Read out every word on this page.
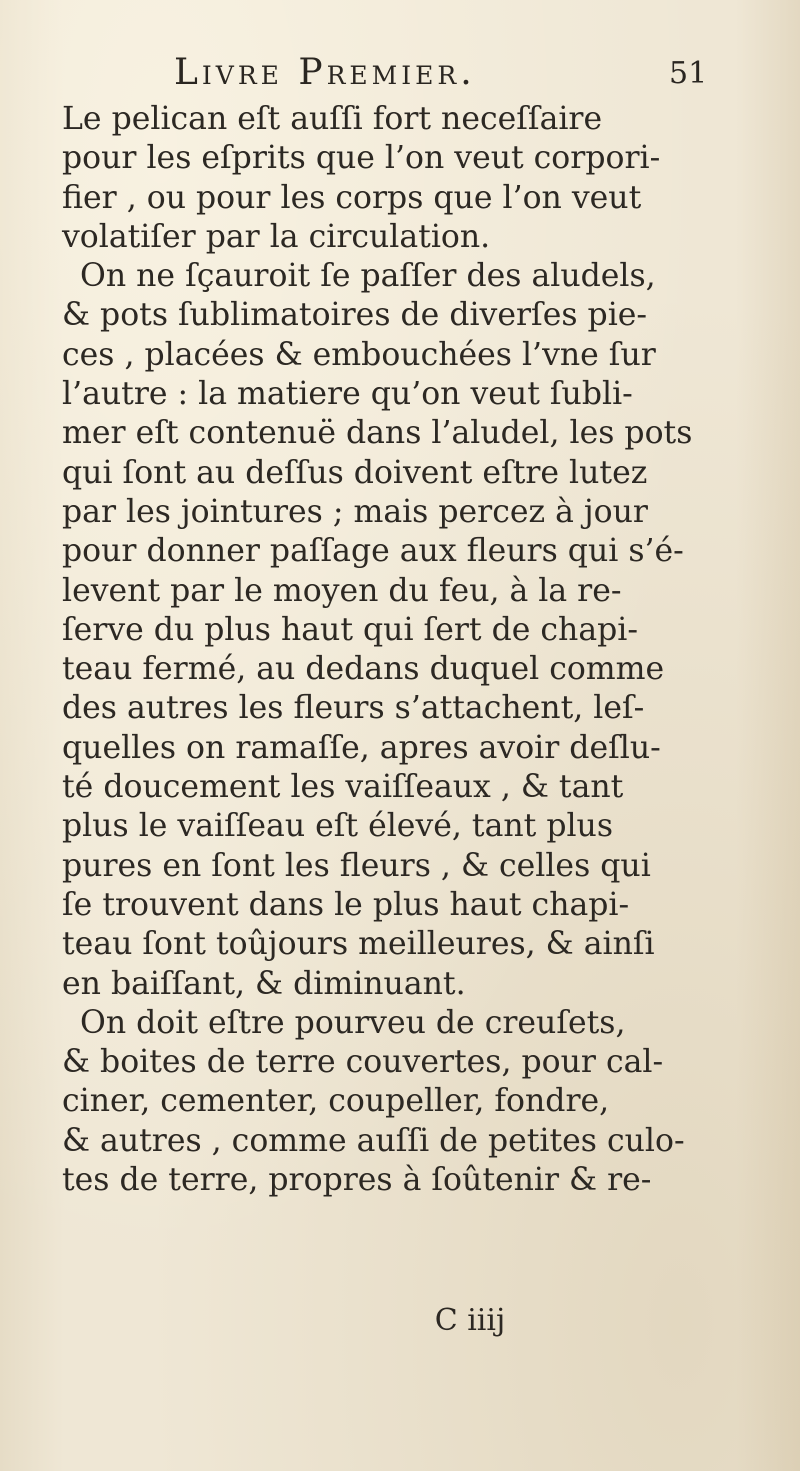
Livre Premier.	51
Le pelican eſt auſſi fort neceſſaire
pour les eſprits que l’on veut corpori-
fier , ou pour les corps que l’on veut
volatiſer par la circulation.
On ne ſçauroit ſe paſſer des aludels,
& pots ſublimatoires de diverſes pie-
ces , placées & embouchées l’vne ſur
l’autre : la matiere qu’on veut ſubli-
mer eſt contenuë dans l’aludel, les pots
qui ſont au deſſus doivent eſtre lutez
par les jointures ; mais percez à jour
pour donner paſſage aux fleurs qui s’é-
levent par le moyen du feu, à la re-
ſerve du plus haut qui ſert de chapi-
teau fermé, au dedans duquel comme
des autres les fleurs s’attachent, leſ-
quelles on ramaſſe, apres avoir deſlu-
té doucement les vaiſſeaux , & tant
plus le vaiſſeau eſt élevé, tant plus
pures en ſont les fleurs , & celles qui
ſe trouvent dans le plus haut chapi-
teau ſont toûjours meilleures, & ainſi
en baiſſant, & diminuant.
On doit eſtre pourveu de creuſets,
& boites de terre couvertes, pour cal-
ciner, cementer, coupeller, fondre,
& autres , comme auſſi de petites culo-
tes de terre, propres à ſoûtenir & re-
C iiij
